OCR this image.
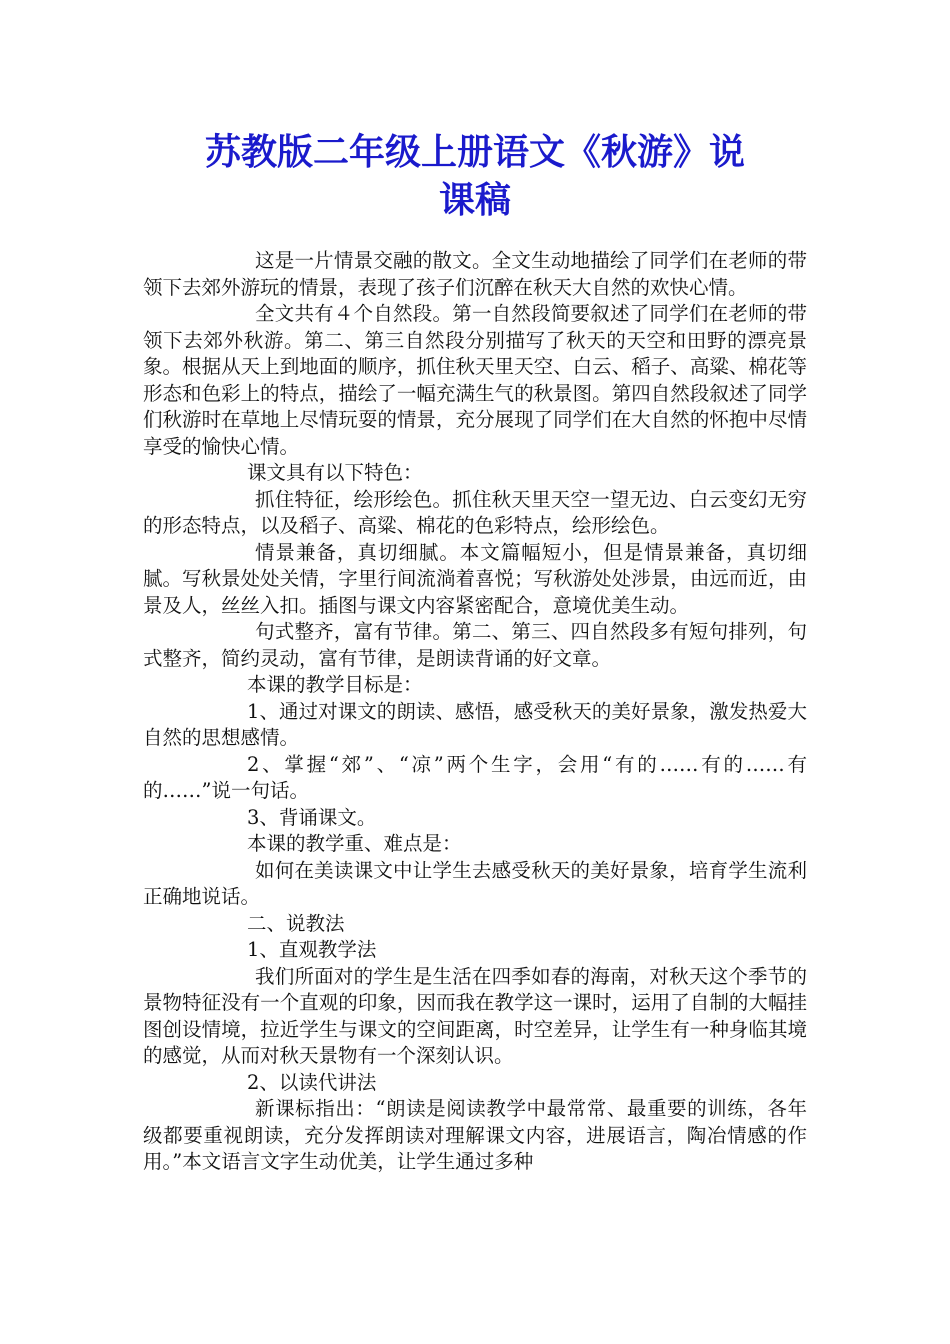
苏教版二年级上册语文《秋游》说
课稿

这是一片情景交融的散文。全文生动地描绘了同学们在老师的带领下去郊外游玩的情景，表现了孩子们沉醉在秋天大自然的欢快心情。

全文共有４个自然段。第一自然段简要叙述了同学们在老师的带领下去郊外秋游。第二、第三自然段分别描写了秋天的天空和田野的漂亮景象。根据从天上到地面的顺序，抓住秋天里天空、白云、稻子、高粱、棉花等形态和色彩上的特点，描绘了一幅充满生气的秋景图。第四自然段叙述了同学们秋游时在草地上尽情玩耍的情景，充分展现了同学们在大自然的怀抱中尽情享受的愉快心情。

课文具有以下特色：

抓住特征，绘形绘色。抓住秋天里天空一望无边、白云变幻无穷的形态特点，以及稻子、高粱、棉花的色彩特点，绘形绘色。

情景兼备，真切细腻。本文篇幅短小，但是情景兼备，真切细腻。写秋景处处关情，字里行间流淌着喜悦；写秋游处处涉景，由远而近，由景及人，丝丝入扣。插图与课文内容紧密配合，意境优美生动。

句式整齐，富有节律。第二、第三、四自然段多有短句排列，句式整齐，简约灵动，富有节律，是朗读背诵的好文章。

本课的教学目标是：

1、通过对课文的朗读、感悟，感受秋天的美好景象，激发热爱大自然的思想感情。

2、掌握“郊”、“凉”两个生字，会用“有的……有的……有的……”说一句话。

3、背诵课文。

本课的教学重、难点是：

如何在美读课文中让学生去感受秋天的美好景象，培育学生流利正确地说话。

二、说教法

1、直观教学法

我们所面对的学生是生活在四季如春的海南，对秋天这个季节的景物特征没有一个直观的印象，因而我在教学这一课时，运用了自制的大幅挂图创设情境，拉近学生与课文的空间距离，时空差异，让学生有一种身临其境的感觉，从而对秋天景物有一个深刻认识。

2、以读代讲法

新课标指出：“朗读是阅读教学中最常常、最重要的训练，各年级都要重视朗读，充分发挥朗读对理解课文内容，进展语言，陶冶情感的作用。”本文语言文字生动优美，让学生通过多种
